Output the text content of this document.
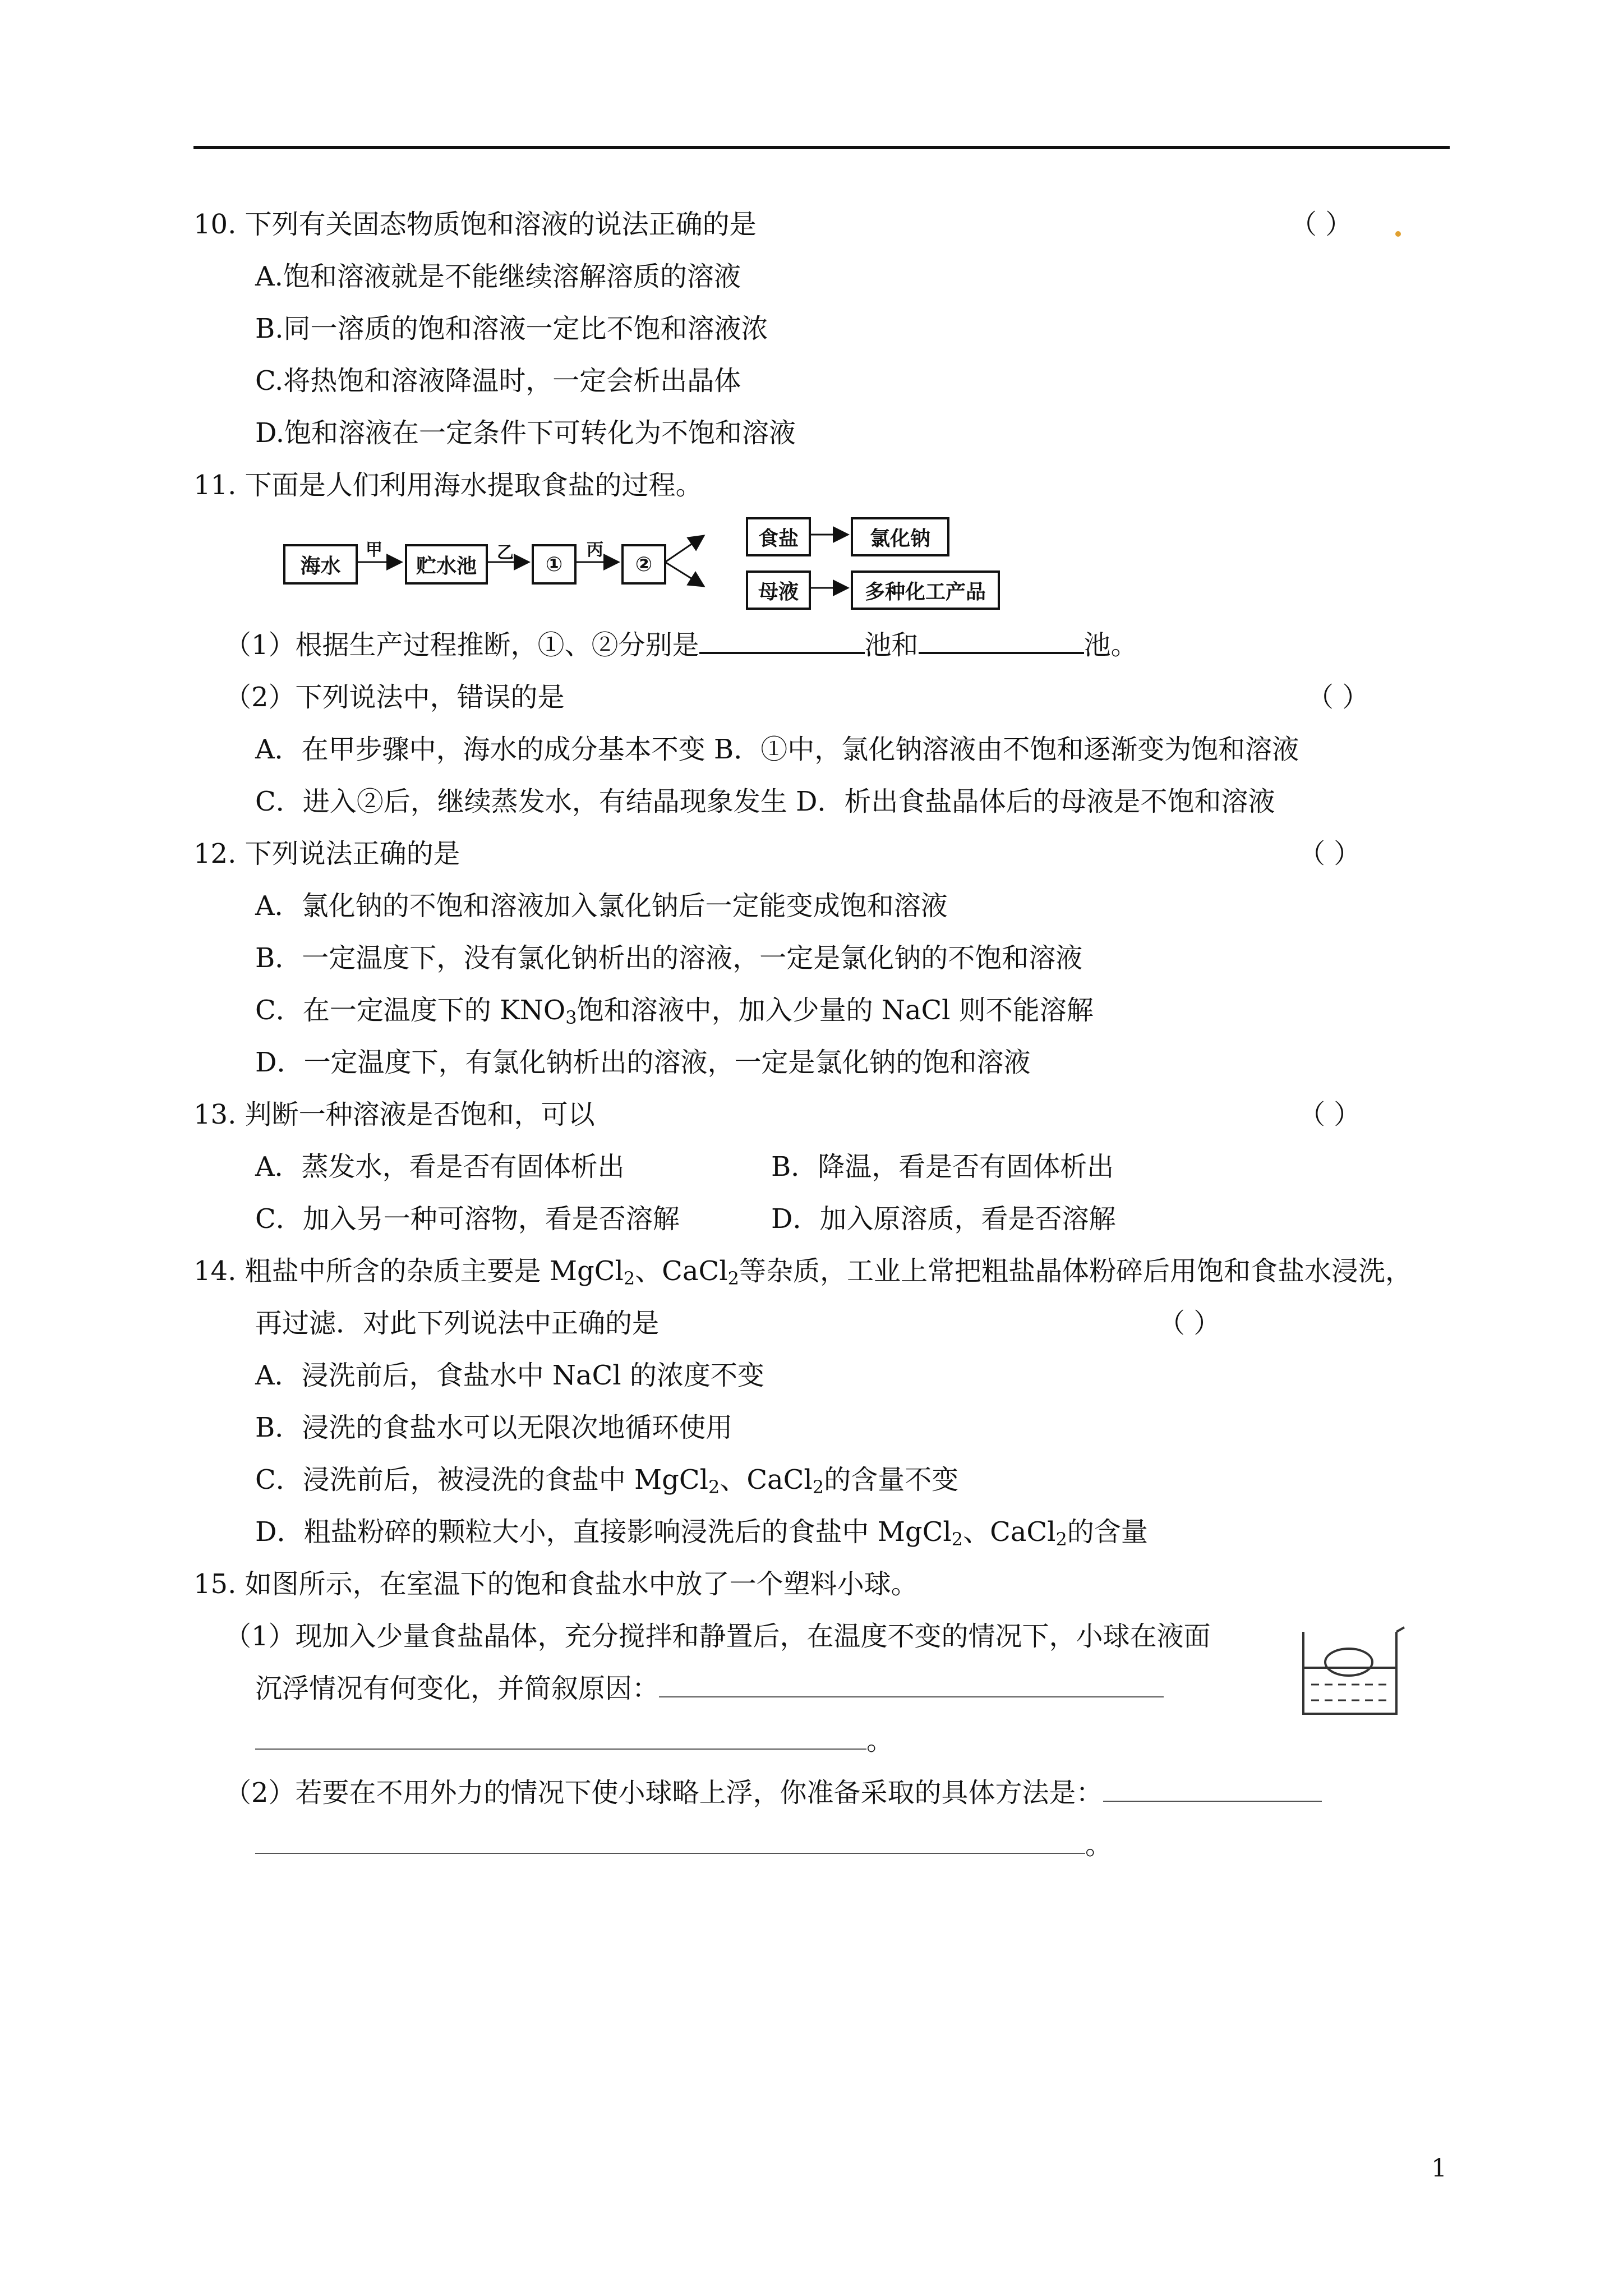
10. 下列有关固态物质饱和溶液的说法正确的是	（ ）
A.饱和溶液就是不能继续溶解溶质的溶液
B.同一溶质的饱和溶液一定比不饱和溶液浓
C.将热饱和溶液降温时，一定会析出晶体
D.饱和溶液在一定条件下可转化为不饱和溶液
11. 下面是人们利用海水提取食盐的过程。
海水
甲
贮水池
乙	①
丙
②
食盐	氯化钠
母液	多种化工产品
（1）根据生产过程推断，①、②分别是	池和	池。
（2）下列说法中，错误的是	（ ）
A．在甲步骤中，海水的成分基本不变 B．①中，氯化钠溶液由不饱和逐渐变为饱和溶液
C．进入②后，继续蒸发水，有结晶现象发生 D．析出食盐晶体后的母液是不饱和溶液
12. 下列说法正确的是	（ ）
A．氯化钠的不饱和溶液加入氯化钠后一定能变成饱和溶液
B．一定温度下，没有氯化钠析出的溶液，一定是氯化钠的不饱和溶液
C．在一定温度下的 $KNO_3$饱和溶液中，加入少量的 NaCl 则不能溶解
D．一定温度下，有氯化钠析出的溶液，一定是氯化钠的饱和溶液
13. 判断一种溶液是否饱和，可以	（ ）
A．蒸发水，看是否有固体析出	B．降温，看是否有固体析出
C．加入另一种可溶物，看是否溶解	D．加入原溶质，看是否溶解
14. 粗盐中所含的杂质主要是 MgCl$_2$、CaCl$_2$等杂质，工业上常把粗盐晶体粉碎后用饱和食盐水浸洗，
再过滤．对此下列说法中正确的是	（ ）
A．浸洗前后，食盐水中 NaCl 的浓度不变
B．浸洗的食盐水可以无限次地循环使用
C．浸洗前后，被浸洗的食盐中 MgCl$_2$、CaCl$_2$的含量不变
D．粗盐粉碎的颗粒大小，直接影响浸洗后的食盐中 MgCl$_2$、CaCl$_2$的含量
15. 如图所示，在室温下的饱和食盐水中放了一个塑料小球。
（1）现加入少量食盐晶体，充分搅拌和静置后，在温度不变的情况下，小球在液面
沉浮情况有何变化，并简叙原因：
。
（2）若要在不用外力的情况下使小球略上浮，你准备采取的具体方法是：
。
1
